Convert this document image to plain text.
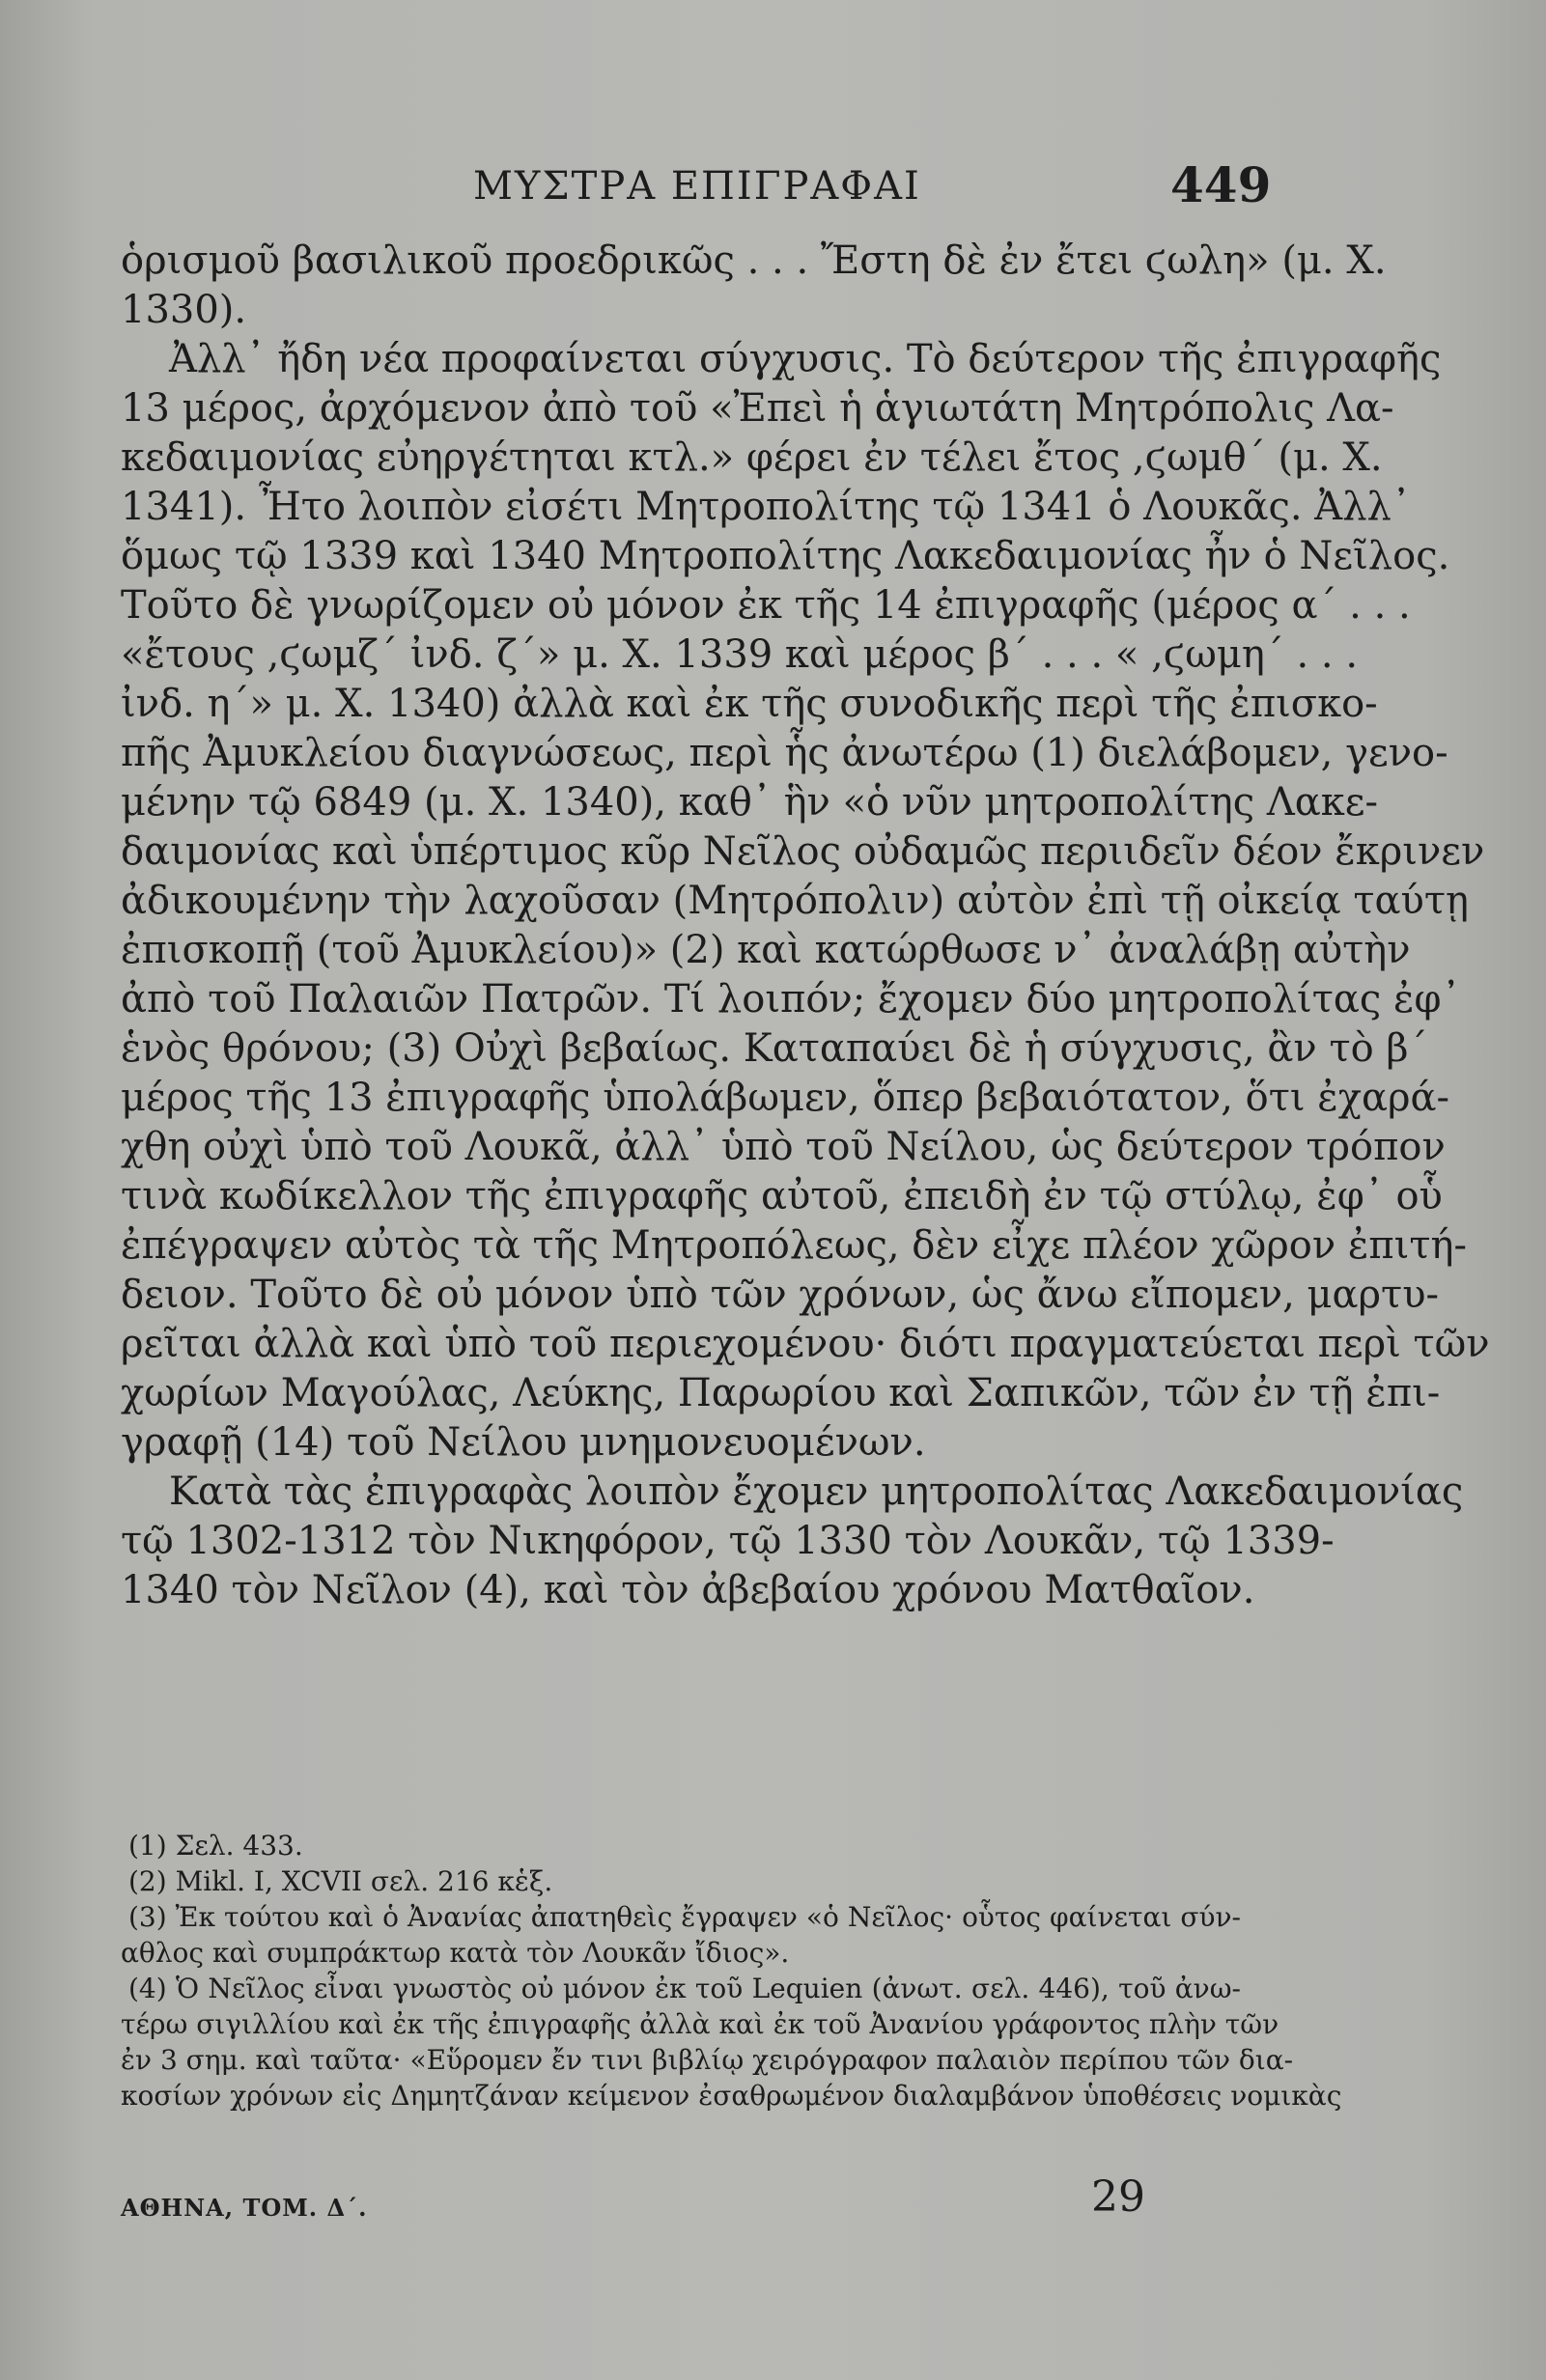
ΜΥΣΤΡΑ ΕΠΙΓΡΑΦΑΙ	449
ὁρισμοῦ βασιλικοῦ προεδρικῶς . . . Ἔστη δὲ ἐν ἔτει ϛωλη» (μ. Χ.
1330).
Ἀλλ᾽ ἤδη νέα προφαίνεται σύγχυσις. Τὸ δεύτερον τῆς ἐπιγραφῆς
13 μέρος, ἀρχόμενον ἀπὸ τοῦ «Ἐπεὶ ἡ ἁγιωτάτη Μητρόπολις Λα-
κεδαιμονίας εὐηργέτηται κτλ.» φέρει ἐν τέλει ἔτος ,ϛωμθ΄ (μ. Χ.
1341). Ἦτο λοιπὸν εἰσέτι Μητροπολίτης τῷ 1341 ὁ Λουκᾶς. Ἀλλ᾽
ὅμως τῷ 1339 καὶ 1340 Μητροπολίτης Λακεδαιμονίας ἦν ὁ Νεῖλος.
Τοῦτο δὲ γνωρίζομεν οὐ μόνον ἐκ τῆς 14 ἐπιγραφῆς (μέρος α΄ . . .
«ἔτους ,ϛωμζ΄ ἰνδ. ζ΄» μ. Χ. 1339 καὶ μέρος β΄ . . . « ,ϛωμη΄ . . .
ἰνδ. η΄» μ. Χ. 1340) ἀλλὰ καὶ ἐκ τῆς συνοδικῆς περὶ τῆς ἐπισκο-
πῆς Ἀμυκλείου διαγνώσεως, περὶ ἧς ἀνωτέρω (1) διελάβομεν, γενο-
μένην τῷ 6849 (μ. Χ. 1340), καθ᾽ ἣν «ὁ νῦν μητροπολίτης Λακε-
δαιμονίας καὶ ὑπέρτιμος κῦρ Νεῖλος οὐδαμῶς περιιδεῖν δέον ἔκρινεν
ἀδικουμένην τὴν λαχοῦσαν (Μητρόπολιν) αὐτὸν ἐπὶ τῇ οἰκείᾳ ταύτῃ
ἐπισκοπῇ (τοῦ Ἀμυκλείου)» (2) καὶ κατώρθωσε ν᾽ ἀναλάβῃ αὐτὴν
ἀπὸ τοῦ Παλαιῶν Πατρῶν. Τί λοιπόν; ἔχομεν δύο μητροπολίτας ἐφ᾽
ἑνὸς θρόνου; (3) Οὐχὶ βεβαίως. Καταπαύει δὲ ἡ σύγχυσις, ἂν τὸ β΄
μέρος τῆς 13 ἐπιγραφῆς ὑπολάβωμεν, ὅπερ βεβαιότατον, ὅτι ἐχαρά-
χθη οὐχὶ ὑπὸ τοῦ Λουκᾶ, ἀλλ᾽ ὑπὸ τοῦ Νείλου, ὡς δεύτερον τρόπον
τινὰ κωδίκελλον τῆς ἐπιγραφῆς αὐτοῦ, ἐπειδὴ ἐν τῷ στύλῳ, ἐφ᾽ οὗ
ἐπέγραψεν αὐτὸς τὰ τῆς Μητροπόλεως, δὲν εἶχε πλέον χῶρον ἐπιτή-
δειον. Τοῦτο δὲ οὐ μόνον ὑπὸ τῶν χρόνων, ὡς ἄνω εἴπομεν, μαρτυ-
ρεῖται ἀλλὰ καὶ ὑπὸ τοῦ περιεχομένου· διότι πραγματεύεται περὶ τῶν
χωρίων Μαγούλας, Λεύκης, Παρωρίου καὶ Σαπικῶν, τῶν ἐν τῇ ἐπι-
γραφῇ (14) τοῦ Νείλου μνημονευομένων.
Κατὰ τὰς ἐπιγραφὰς λοιπὸν ἔχομεν μητροπολίτας Λακεδαιμονίας
τῷ 1302-1312 τὸν Νικηφόρον, τῷ 1330 τὸν Λουκᾶν, τῷ 1339-
1340 τὸν Νεῖλον (4), καὶ τὸν ἀβεβαίου χρόνου Ματθαῖον.
(1) Σελ. 433.
(2) Mikl. I, XCVII σελ. 216 κἑξ.
(3) Ἐκ τούτου καὶ ὁ Ἀνανίας ἀπατηθεὶς ἔγραψεν «ὁ Νεῖλος· οὗτος φαίνεται σύν-
αθλος καὶ συμπράκτωρ κατὰ τὸν Λουκᾶν ἴδιος».
(4) Ὁ Νεῖλος εἶναι γνωστὸς οὐ μόνον ἐκ τοῦ Lequien (ἀνωτ. σελ. 446), τοῦ ἀνω-
τέρω σιγιλλίου καὶ ἐκ τῆς ἐπιγραφῆς ἀλλὰ καὶ ἐκ τοῦ Ἀνανίου γράφοντος πλὴν τῶν
ἐν 3 σημ. καὶ ταῦτα· «Εὕρομεν ἔν τινι βιβλίῳ χειρόγραφον παλαιὸν περίπου τῶν δια-
κοσίων χρόνων εἰς Δημητζάναν κείμενον ἐσαθρωμένον διαλαμβάνον ὑποθέσεις νομικὰς
ΑΘΗΝΑ, ΤΟΜ. Δ΄.	29
